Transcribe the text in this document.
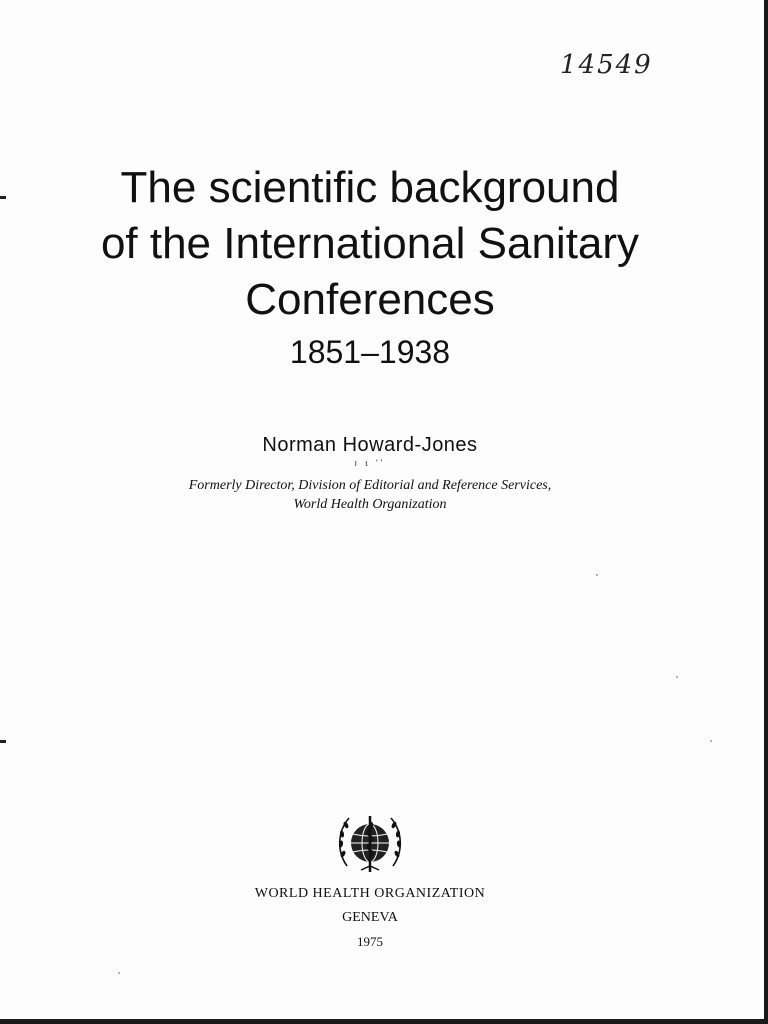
14549
The scientific background
of the International Sanitary
Conferences
1851–1938
Norman Howard-Jones
ı ɩ ''
Formerly Director, Division of Editorial and Reference Services,
World Health Organization
WORLD HEALTH ORGANIZATION
GENEVA
1975
